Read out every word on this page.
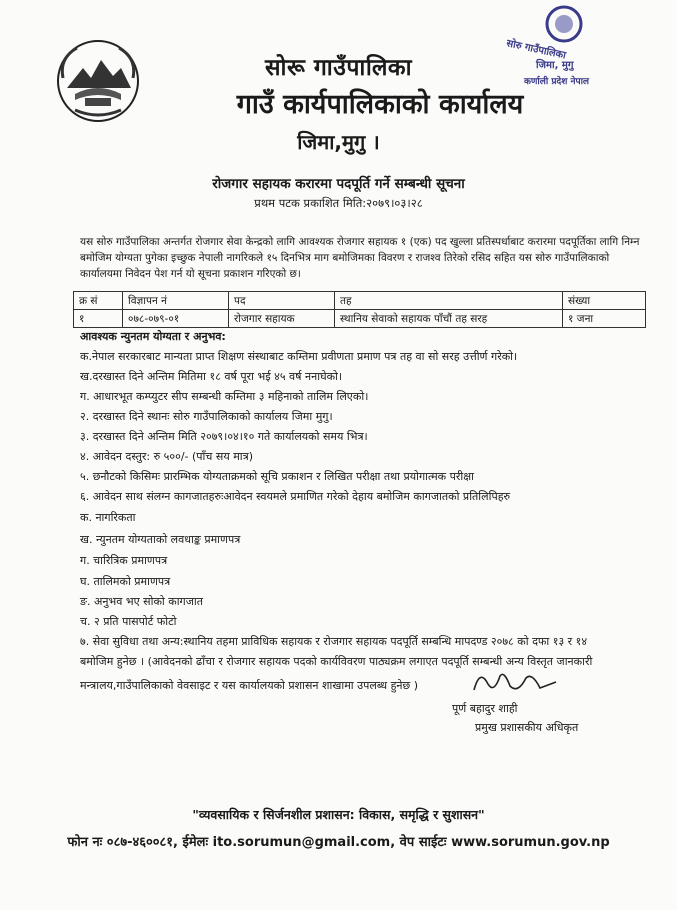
सोरु गाउँपालिका
जिमा, मुगु
कर्णाली प्रदेश नेपाल
सोरू गाउँपालिका
गाउँ कार्यपालिकाको कार्यालय
जिमा,मुगु ।
रोजगार सहायक करारमा पदपूर्ति गर्ने सम्बन्धी सूचना
प्रथम पटक प्रकाशित मिति:२०७९।०३।२८
यस सोरु गाउँपालिका अन्तर्गत रोजगार सेवा केन्द्रको लागि आवश्यक रोजगार सहायक १ (एक) पद खुल्ला प्रतिस्पर्धाबाट करारमा पदपूर्तिका लागि निम्न बमोजिम योग्यता पुगेका इच्छुक नेपाली नागरिकले १५ दिनभित्र माग बमोजिमका विवरण र राजश्व तिरेको रसिद सहित यस सोरु गाउँपालिकाको कार्यालयमा निवेदन पेश गर्न यो सूचना प्रकाशन गरिएको छ।
क्र सं	विज्ञापन नं	पद	तह	संख्या
१	०७८-०७९-०१	रोजगार सहायक	स्थानिय सेवाको सहायक पाँचौं तह सरह	१ जना
आवश्यक न्युनतम योग्यता र अनुभव:
क.नेपाल सरकारबाट मान्यता प्राप्त शिक्षण संस्थाबाट कम्तिमा प्रवीणता प्रमाण पत्र तह वा सो सरह उत्तीर्ण गरेको।
ख.दरखास्त दिने अन्तिम मितिमा १८ वर्ष पूरा भई ४५ वर्ष ननाघेको।
ग. आधारभूत कम्प्युटर सीप सम्बन्धी कम्तिमा ३ महिनाको तालिम लिएको।
२. दरखास्त दिने स्थानः सोरु गाउँपालिकाको कार्यालय जिमा मुगु।
३. दरखास्त दिने अन्तिम मिति २०७९।०४।१० गते कार्यालयको समय भित्र।
४. आवेदन दस्तुर: रु ५००/- (पाँच सय मात्र)
५. छनौटको किसिमः प्रारम्भिक योग्यताक्रमको सूचि प्रकाशन र लिखित परीक्षा तथा प्रयोगात्मक परीक्षा
६. आवेदन साथ संलग्न कागजातहरुःआवेदन स्वयमले प्रमाणित गरेको देहाय बमोजिम कागजातको प्रतिलिपिहरु
क. नागरिकता
ख. न्युनतम योग्यताको लवधाङ्क प्रमाणपत्र
ग. चारित्रिक प्रमाणपत्र
घ. तालिमको प्रमाणपत्र
ङ. अनुभव भए सोको कागजात
च. २ प्रति पासपोर्ट फोटो
७. सेवा सुविधा तथा अन्य:स्थानिय तहमा प्राविधिक सहायक र रोजगार सहायक पदपूर्ति सम्बन्धि मापदण्ड २०७८ को दफा १३ र १४
बमोजिम हुनेछ । (आवेदनको ढाँचा र रोजगार सहायक पदको कार्यविवरण पाठ्यक्रम लगाएत पदपूर्ति सम्बन्धी अन्य विस्तृत जानकारी
मन्त्रालय,गाउँपालिकाको वेवसाइट र यस कार्यालयको प्रशासन शाखामा उपलब्ध हुनेछ )
पूर्ण बहादुर शाही
प्रमुख प्रशासकीय अधिकृत
"व्यवसायिक र सिर्जनशील प्रशासन: विकास, समृद्धि र सुशासन"
फोन नः ०८७-४६००८१, ईमेलः ito.sorumun@gmail.com, वेप साईटः www.sorumun.gov.np
